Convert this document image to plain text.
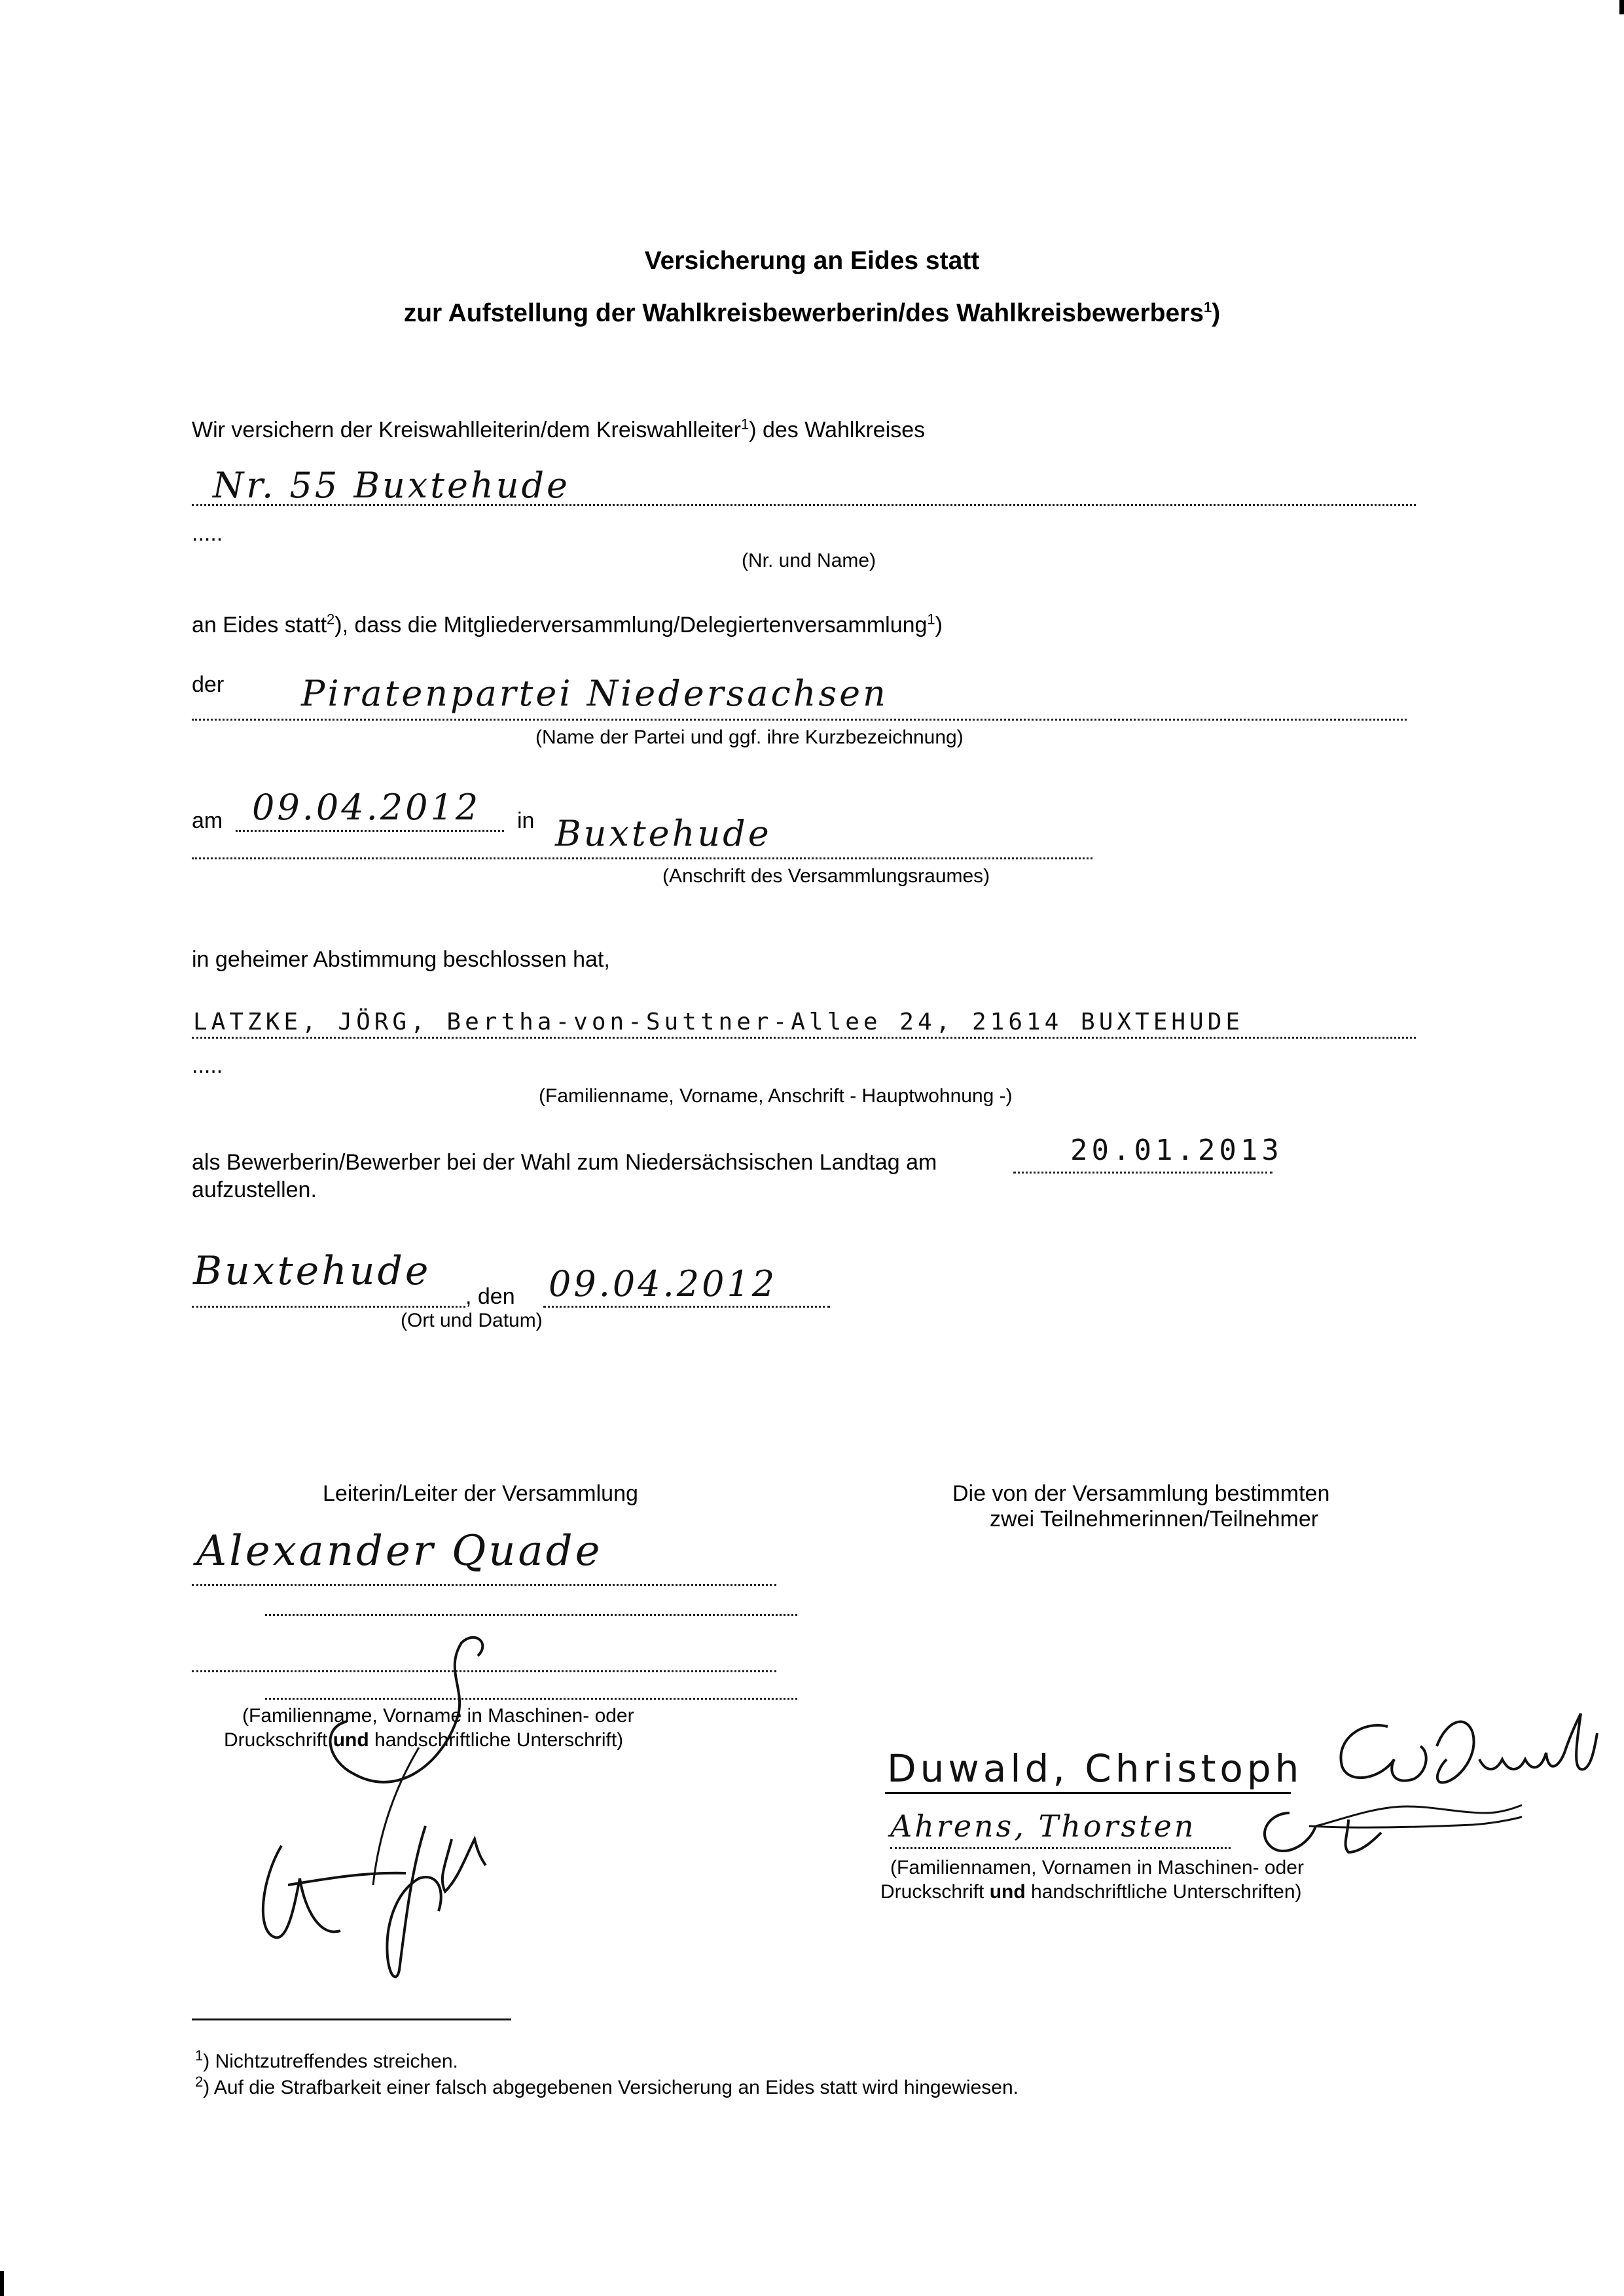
Versicherung an Eides statt
zur Aufstellung der Wahlkreisbewerberin/des Wahlkreisbewerbers$^1$)
Wir versichern der Kreiswahlleiterin/dem Kreiswahlleiter$^1$) des Wahlkreises
Nr. 55 Buxtehude
.....
(Nr. und Name)
an Eides statt$^2$), dass die Mitgliederversammlung/Delegiertenversammlung$^1$)
der Piratenpartei Niedersachsen
(Name der Partei und ggf. ihre Kurzbezeichnung)
am 09.04.2012 in Buxtehude
(Anschrift des Versammlungsraumes)
in geheimer Abstimmung beschlossen hat,
LATZKE, JÖRG, Bertha-von-Suttner-Allee 24, 21614 BUXTEHUDE
.....
(Familienname, Vorname, Anschrift - Hauptwohnung -)
als Bewerberin/Bewerber bei der Wahl zum Niedersächsischen Landtag am	20.01.2013
aufzustellen.
Buxtehude
, den 09.04.2012
(Ort und Datum)
Leiterin/Leiter der Versammlung
Alexander Quade
(Familienname, Vorname in Maschinen- oder
Druckschrift und handschriftliche Unterschrift)
Die von der Versammlung bestimmten
zwei Teilnehmerinnen/Teilnehmer
Duwald, Christoph
Ahrens, Thorsten
(Familiennamen, Vornamen in Maschinen- oder
Druckschrift und handschriftliche Unterschriften)
$^1$) Nichtzutreffendes streichen.
$^2$) Auf die Strafbarkeit einer falsch abgegebenen Versicherung an Eides statt wird hingewiesen.
